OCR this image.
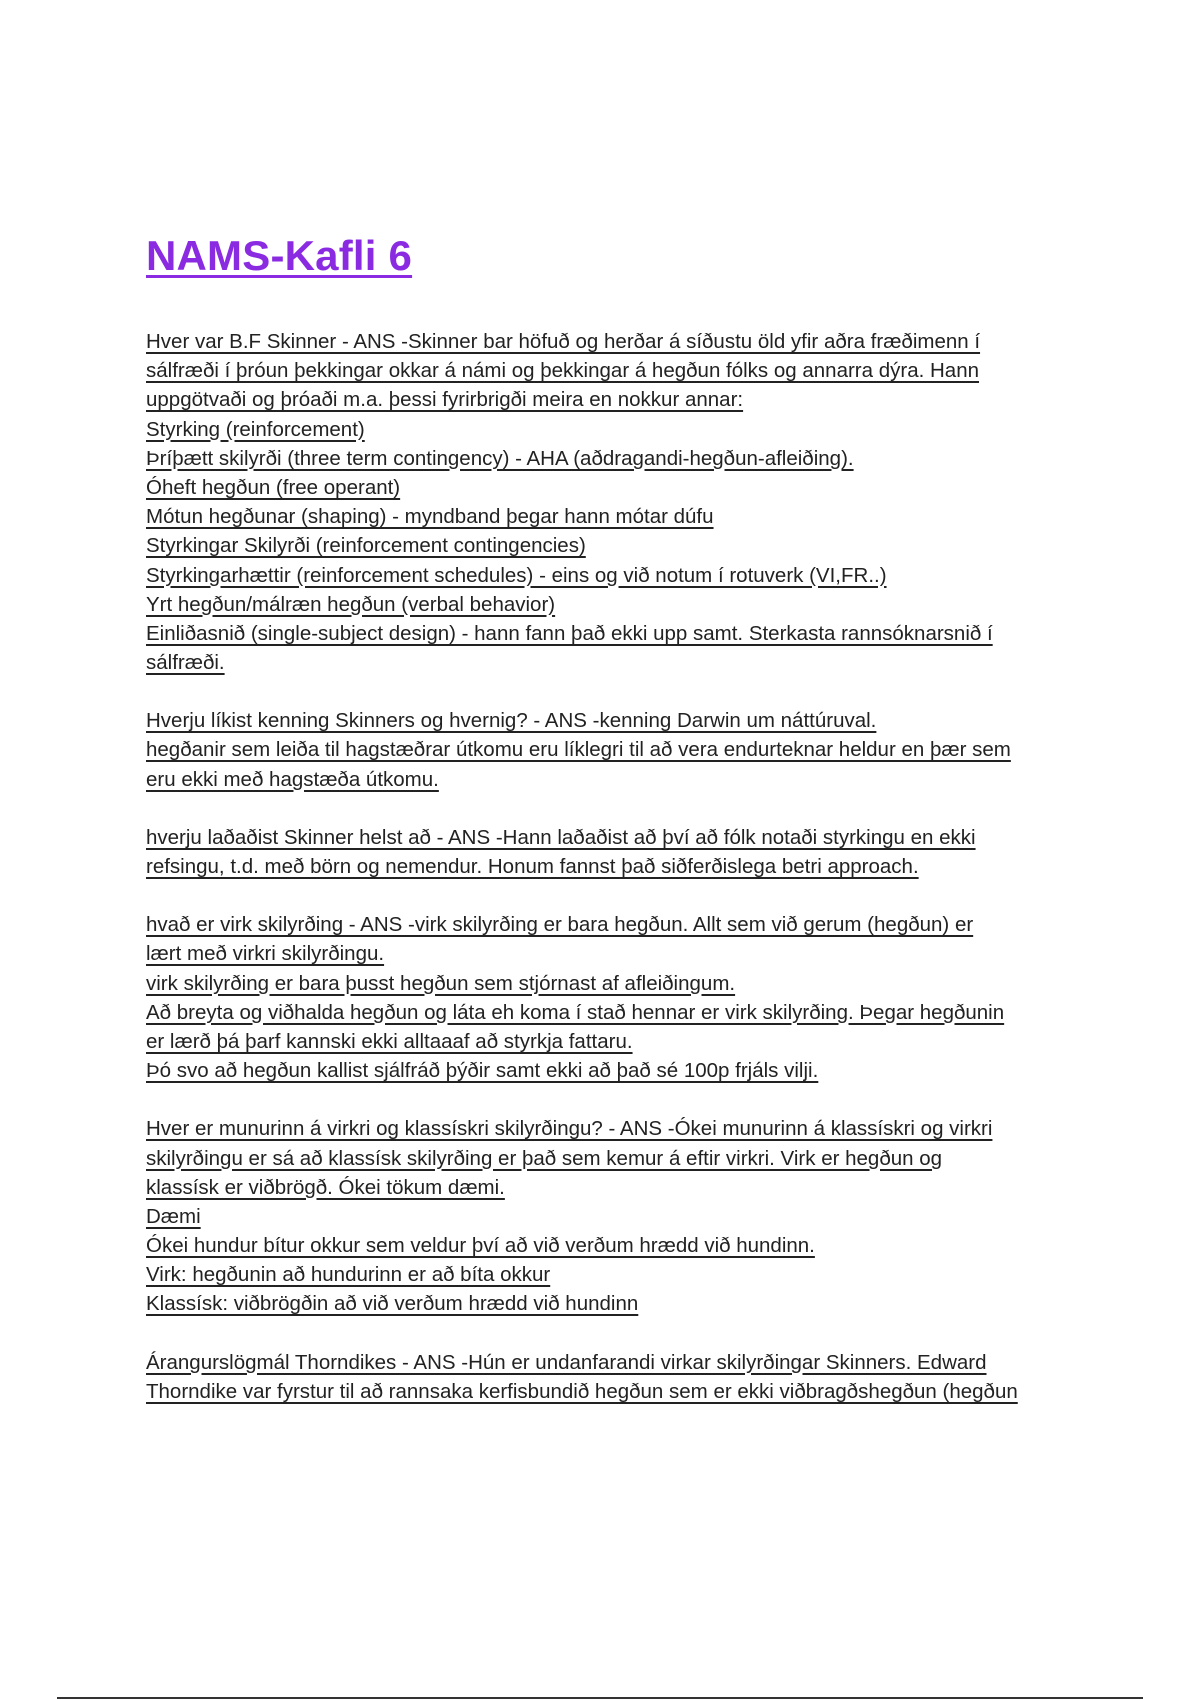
NAMS-Kafli 6
Hver var B.F Skinner - ANS -Skinner bar höfuð og herðar á síðustu öld yfir aðra fræðimenn í
sálfræði í þróun þekkingar okkar á námi og þekkingar á hegðun fólks og annarra dýra. Hann
uppgötvaði og þróaði m.a. þessi fyrirbrigði meira en nokkur annar:
Styrking (reinforcement)
Þríþætt skilyrði (three term contingency) - AHA (aðdragandi-hegðun-afleiðing).
Óheft hegðun (free operant)
Mótun hegðunar (shaping) - myndband þegar hann mótar dúfu
Styrkingar Skilyrði (reinforcement contingencies)
Styrkingarhættir (reinforcement schedules) - eins og við notum í rotuverk (VI,FR..)
Yrt hegðun/málræn hegðun (verbal behavior)
Einliðasnið (single-subject design) - hann fann það ekki upp samt. Sterkasta rannsóknarsnið í
sálfræði.
Hverju líkist kenning Skinners og hvernig? - ANS -kenning Darwin um náttúruval.
hegðanir sem leiða til hagstæðrar útkomu eru líklegri til að vera endurteknar heldur en þær sem
eru ekki með hagstæða útkomu.
hverju laðaðist Skinner helst að - ANS -Hann laðaðist að því að fólk notaði styrkingu en ekki
refsingu, t.d. með börn og nemendur. Honum fannst það siðferðislega betri approach.
hvað er virk skilyrðing - ANS -virk skilyrðing er bara hegðun. Allt sem við gerum (hegðun) er
lært með virkri skilyrðingu.
virk skilyrðing er bara þusst hegðun sem stjórnast af afleiðingum.
Að breyta og viðhalda hegðun og láta eh koma í stað hennar er virk skilyrðing. Þegar hegðunin
er lærð þá þarf kannski ekki alltaaaf að styrkja fattaru.
Þó svo að hegðun kallist sjálfráð þýðir samt ekki að það sé 100p frjáls vilji.
Hver er munurinn á virkri og klassískri skilyrðingu? - ANS -Ókei munurinn á klassískri og virkri
skilyrðingu er sá að klassísk skilyrðing er það sem kemur á eftir virkri. Virk er hegðun og
klassísk er viðbrögð. Ókei tökum dæmi.
Dæmi
Ókei hundur bítur okkur sem veldur því að við verðum hrædd við hundinn.
Virk: hegðunin að hundurinn er að bíta okkur
Klassísk: viðbrögðin að við verðum hrædd við hundinn
Árangurslögmál Thorndikes - ANS -Hún er undanfarandi virkar skilyrðingar Skinners. Edward
Thorndike var fyrstur til að rannsaka kerfisbundið hegðun sem er ekki viðbragðshegðun (hegðun
